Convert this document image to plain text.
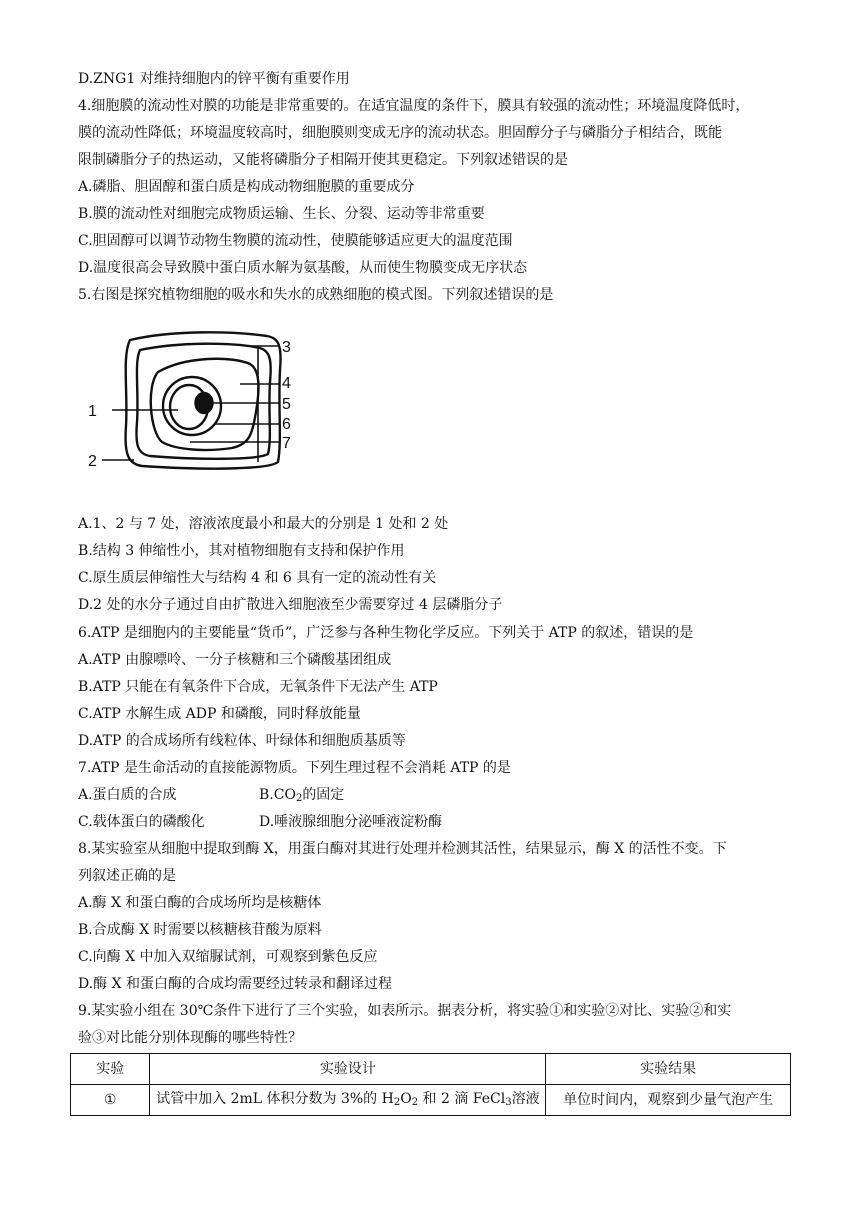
D.ZNG1 对维持细胞内的锌平衡有重要作用
4.细胞膜的流动性对膜的功能是非常重要的。在适宜温度的条件下，膜具有较强的流动性；环境温度降低时，
膜的流动性降低；环境温度较高时，细胞膜则变成无序的流动状态。胆固醇分子与磷脂分子相结合，既能
限制磷脂分子的热运动，又能将磷脂分子相隔开使其更稳定。下列叙述错误的是
A.磷脂、胆固醇和蛋白质是构成动物细胞膜的重要成分
B.膜的流动性对细胞完成物质运输、生长、分裂、运动等非常重要
C.胆固醇可以调节动物生物膜的流动性，使膜能够适应更大的温度范围
D.温度很高会导致膜中蛋白质水解为氨基酸，从而使生物膜变成无序状态
5.右图是探究植物细胞的吸水和失水的成熟细胞的模式图。下列叙述错误的是
1
2
3
4
5
6
7
A.1、2 与 7 处，溶液浓度最小和最大的分别是 1 处和 2 处
B.结构 3 伸缩性小，其对植物细胞有支持和保护作用
C.原生质层伸缩性大与结构 4 和 6 具有一定的流动性有关
D.2 处的水分子通过自由扩散进入细胞液至少需要穿过 4 层磷脂分子
6.ATP 是细胞内的主要能量“货币”，广泛参与各种生物化学反应。下列关于 ATP 的叙述，错误的是
A.ATP 由腺嘌呤、一分子核糖和三个磷酸基团组成
B.ATP 只能在有氧条件下合成，无氧条件下无法产生 ATP
C.ATP 水解生成 ADP 和磷酸，同时释放能量
D.ATP 的合成场所有线粒体、叶绿体和细胞质基质等
7.ATP 是生命活动的直接能源物质。下列生理过程不会消耗 ATP 的是
A.蛋白质的合成	$B.CO_2$的固定
C.载体蛋白的磷酸化	D.唾液腺细胞分泌唾液淀粉酶
8.某实验室从细胞中提取到酶 X，用蛋白酶对其进行处理并检测其活性，结果显示，酶 X 的活性不变。下
列叙述正确的是
A.酶 X 和蛋白酶的合成场所均是核糖体
B.合成酶 X 时需要以核糖核苷酸为原料
C.向酶 X 中加入双缩脲试剂，可观察到紫色反应
D.酶 X 和蛋白酶的合成均需要经过转录和翻译过程
9.某实验小组在 30℃条件下进行了三个实验，如表所示。据表分析，将实验①和实验②对比、实验②和实
验③对比能分别体现酶的哪些特性？
实验	实验设计	实验结果
①	试管中加入 2mL 体积分数为 3%的 $H_2O_2$ 和 2 滴 FeCl$_3$溶液	单位时间内，观察到少量气泡产生
